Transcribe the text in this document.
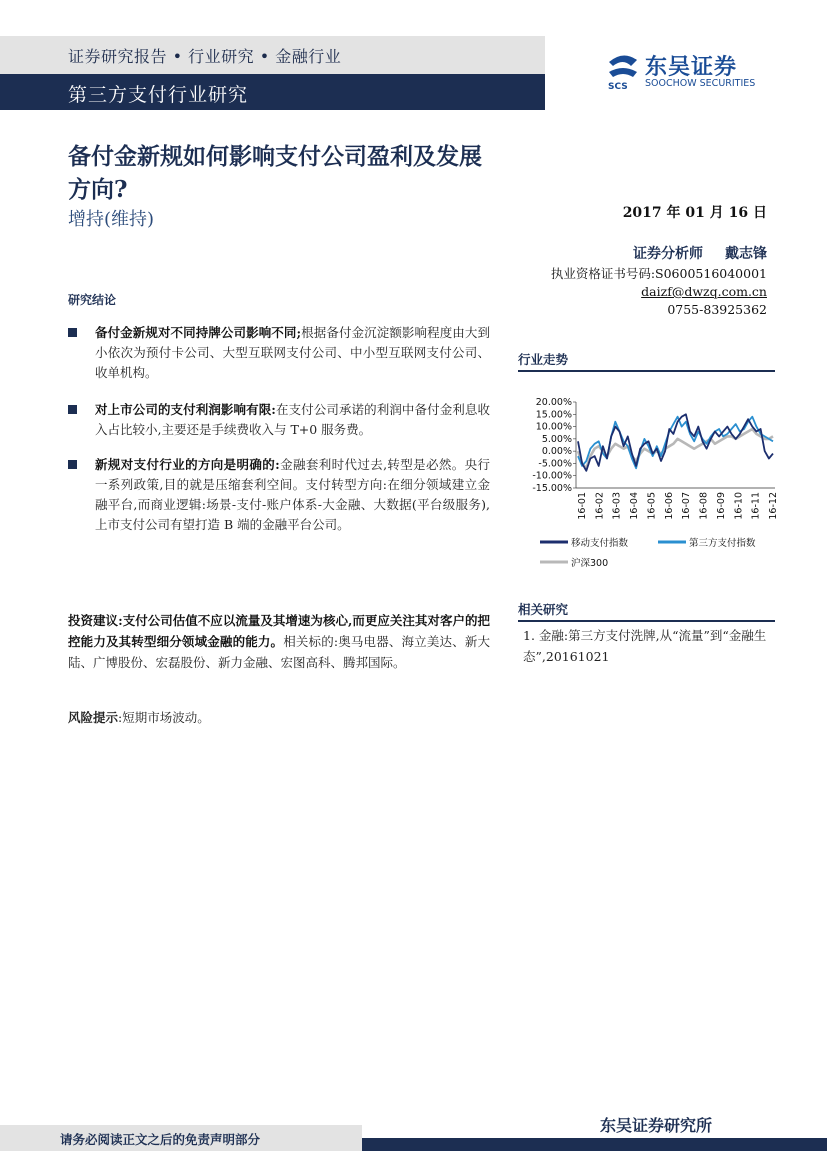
证券研究报告 • 行业研究 • 金融行业
第三方支付行业研究	SCS
东吴证券
SOOCHOW SECURITIES
备付金新规如何影响支付公司盈利及发展方向?
增持(维持)	2017 年 01 月 16 日
证券分析师 戴志锋
执业资格证书号码:S0600516040001
daizf@dwzq.com.cn
0755-83925362
研究结论
备付金新规对不同持牌公司影响不同;根据备付金沉淀额影响程度由大到小依次为预付卡公司、大型互联网支付公司、中小型互联网支付公司、收单机构。
对上市公司的支付利润影响有限:在支付公司承诺的利润中备付金利息收入占比较小,主要还是手续费收入与 T+0 服务费。
新规对支付行业的方向是明确的:金融套利时代过去,转型是必然。央行一系列政策,目的就是压缩套利空间。支付转型方向:在细分领域建立金融平台,而商业逻辑:场景-支付-账户体系-大金融、大数据(平台级服务),上市支付公司有望打造 B 端的金融平台公司。
投资建议:支付公司估值不应以流量及其增速为核心,而更应关注其对客户的把控能力及其转型细分领域金融的能力。相关标的:奥马电器、海立美达、新大陆、广博股份、宏磊股份、新力金融、宏图高科、腾邦国际。
风险提示:短期市场波动。
行业走势
20.00%
15.00%
10.00%
5.00%
0.00%
-5.00%
-10.00%
-15.00%
16-01 16-02 16-03 16-04 16-05 16-06 16-07 16-08 16-09 16-10 16-11 16-12
移动支付指数	第三方支付指数
沪深300
相关研究
1. 金融:第三方支付洗牌,从“流量”到“金融生态”,20161021
东吴证券研究所
请务必阅读正文之后的免责声明部分
